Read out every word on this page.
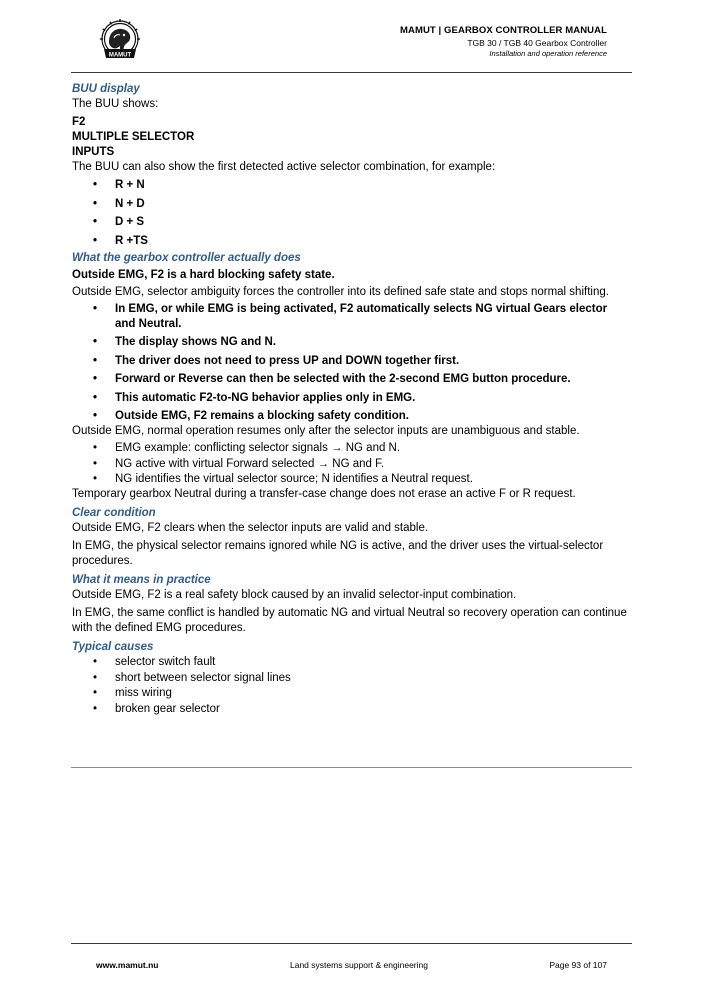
MAMUT
MAMUT | GEARBOX CONTROLLER MANUAL
TGB 30 / TGB 40 Gearbox Controller
Installation and operation reference

BUU display

The BUU shows:

F2

MULTIPLE SELECTOR

INPUTS

The BUU can also show the first detected active selector combination, for example:

• R + N
• N + D
• D + S
• R +TS

What the gearbox controller actually does

Outside EMG, F2 is a hard blocking safety state.

Outside EMG, selector ambiguity forces the controller into its defined safe state and stops normal shifting.

• In EMG, or while EMG is being activated, F2 automatically selects NG virtual Gears elector and Neutral.
• The display shows NG and N.
• The driver does not need to press UP and DOWN together first.
• Forward or Reverse can then be selected with the 2-second EMG button procedure.
• This automatic F2-to-NG behavior applies only in EMG.
• Outside EMG, F2 remains a blocking safety condition.

Outside EMG, normal operation resumes only after the selector inputs are unambiguous and stable.

• EMG example: conflicting selector signals → NG and N.
• NG active with virtual Forward selected → NG and F.
• NG identifies the virtual selector source; N identifies a Neutral request.

Temporary gearbox Neutral during a transfer-case change does not erase an active F or R request.

Clear condition

Outside EMG, F2 clears when the selector inputs are valid and stable.

In EMG, the physical selector remains ignored while NG is active, and the driver uses the virtual-selector procedures.

What it means in practice

Outside EMG, F2 is a real safety block caused by an invalid selector-input combination.

In EMG, the same conflict is handled by automatic NG and virtual Neutral so recovery operation can continue with the defined EMG procedures.

Typical causes

• selector switch fault
• short between selector signal lines
• miss wiring
• broken gear selector
www.mamut.nu	Land systems support & engineering	Page 93 of 107
